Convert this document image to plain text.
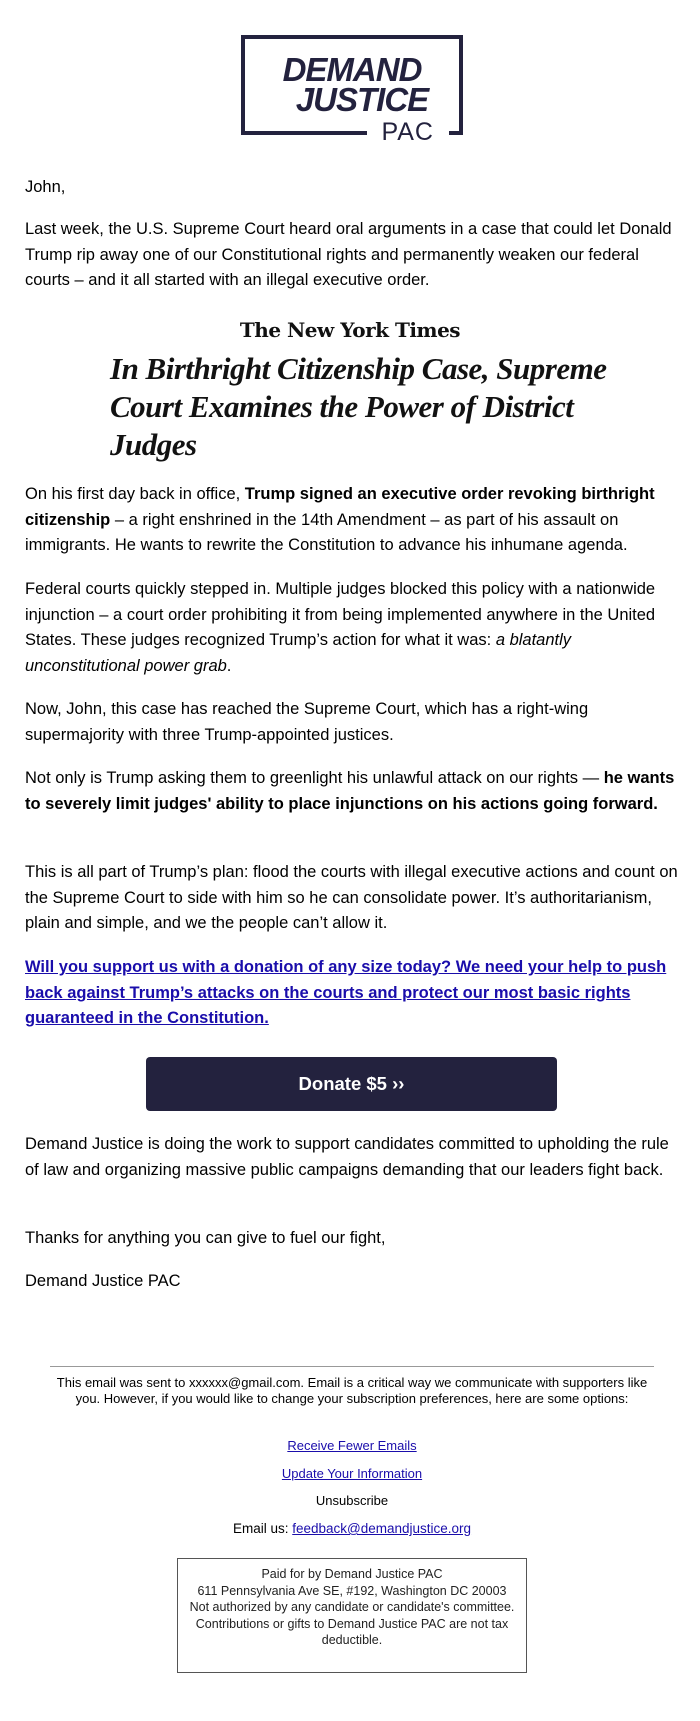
DEMAND
JUSTICE
PAC

John,

Last week, the U.S. Supreme Court heard oral arguments in a case that could let Donald Trump rip away one of our Constitutional rights and permanently weaken our federal courts – and it all started with an illegal executive order.

The New York Times
In Birthright Citizenship Case, Supreme Court Examines the Power of District Judges

On his first day back in office, Trump signed an executive order revoking birthright citizenship – a right enshrined in the 14th Amendment – as part of his assault on immigrants. He wants to rewrite the Constitution to advance his inhumane agenda.

Federal courts quickly stepped in. Multiple judges blocked this policy with a nationwide injunction – a court order prohibiting it from being implemented anywhere in the United States. These judges recognized Trump’s action for what it was: a blatantly unconstitutional power grab.

Now, John, this case has reached the Supreme Court, which has a right-wing supermajority with three Trump-appointed justices.

Not only is Trump asking them to greenlight his unlawful attack on our rights — he wants to severely limit judges' ability to place injunctions on his actions going forward.

This is all part of Trump’s plan: flood the courts with illegal executive actions and count on the Supreme Court to side with him so he can consolidate power. It’s authoritarianism, plain and simple, and we the people can’t allow it.

Will you support us with a donation of any size today? We need your help to push back against Trump’s attacks on the courts and protect our most basic rights guaranteed in the Constitution.

Donate $5 ››

Demand Justice is doing the work to support candidates committed to upholding the rule of law and organizing massive public campaigns demanding that our leaders fight back.

Thanks for anything you can give to fuel our fight,

Demand Justice PAC

This email was sent to xxxxxx@gmail.com. Email is a critical way we communicate with supporters like you. However, if you would like to change your subscription preferences, here are some options:
Receive Fewer Emails
Update Your Information
Unsubscribe
Email us: feedback@demandjustice.org
Paid for by Demand Justice PAC
611 Pennsylvania Ave SE, #192, Washington DC 20003
Not authorized by any candidate or candidate's committee.
Contributions or gifts to Demand Justice PAC are not tax deductible.
